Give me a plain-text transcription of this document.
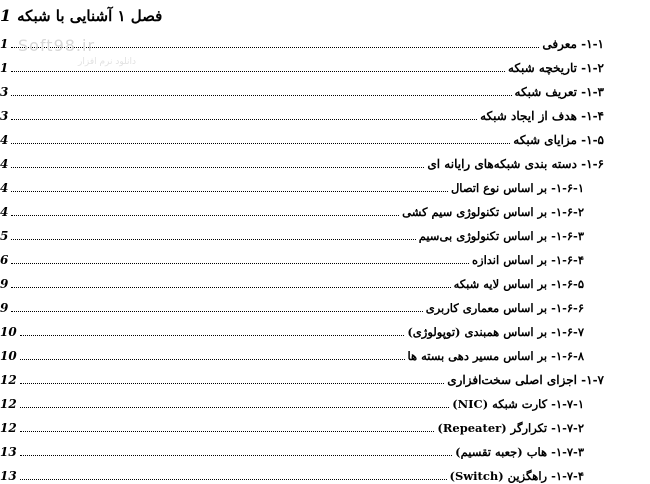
فصل ۱ آشنایی با شبکه
1
۱-۱- معرفی
1
۱-۲- تاریخچه شبکه
1
۱-۳- تعریف شبکه
3
۱-۴- هدف از ایجاد شبکه
3
۱-۵- مزایای شبکه
4
۱-۶- دسته بندی شبکه‌های رایانه ای
4
۱-۶-۱- بر اساس نوع اتصال
4
۱-۶-۲- بر اساس تکنولوژی سیم کشی
4
۱-۶-۳- بر اساس تکنولوژی بی‌سیم
5
۱-۶-۴- بر اساس اندازه
6
۱-۶-۵- بر اساس لایه شبکه
9
۱-۶-۶- بر اساس معماری کاربری
9
۱-۶-۷- بر اساس همبندی (توپولوژی)
10
۱-۶-۸- بر اساس مسیر دهی بسته ها
10
۱-۷- اجزای اصلی سخت‌افزاری
12
۱-۷-۱- کارت شبکه (NIC)
12
۱-۷-۲- تکرارگر (Repeater)
12
۱-۷-۳- هاب (جعبه تقسیم)
13
۱-۷-۴- راهگزین (Switch)
13
Soft98.ir
دانلود نرم افزار
